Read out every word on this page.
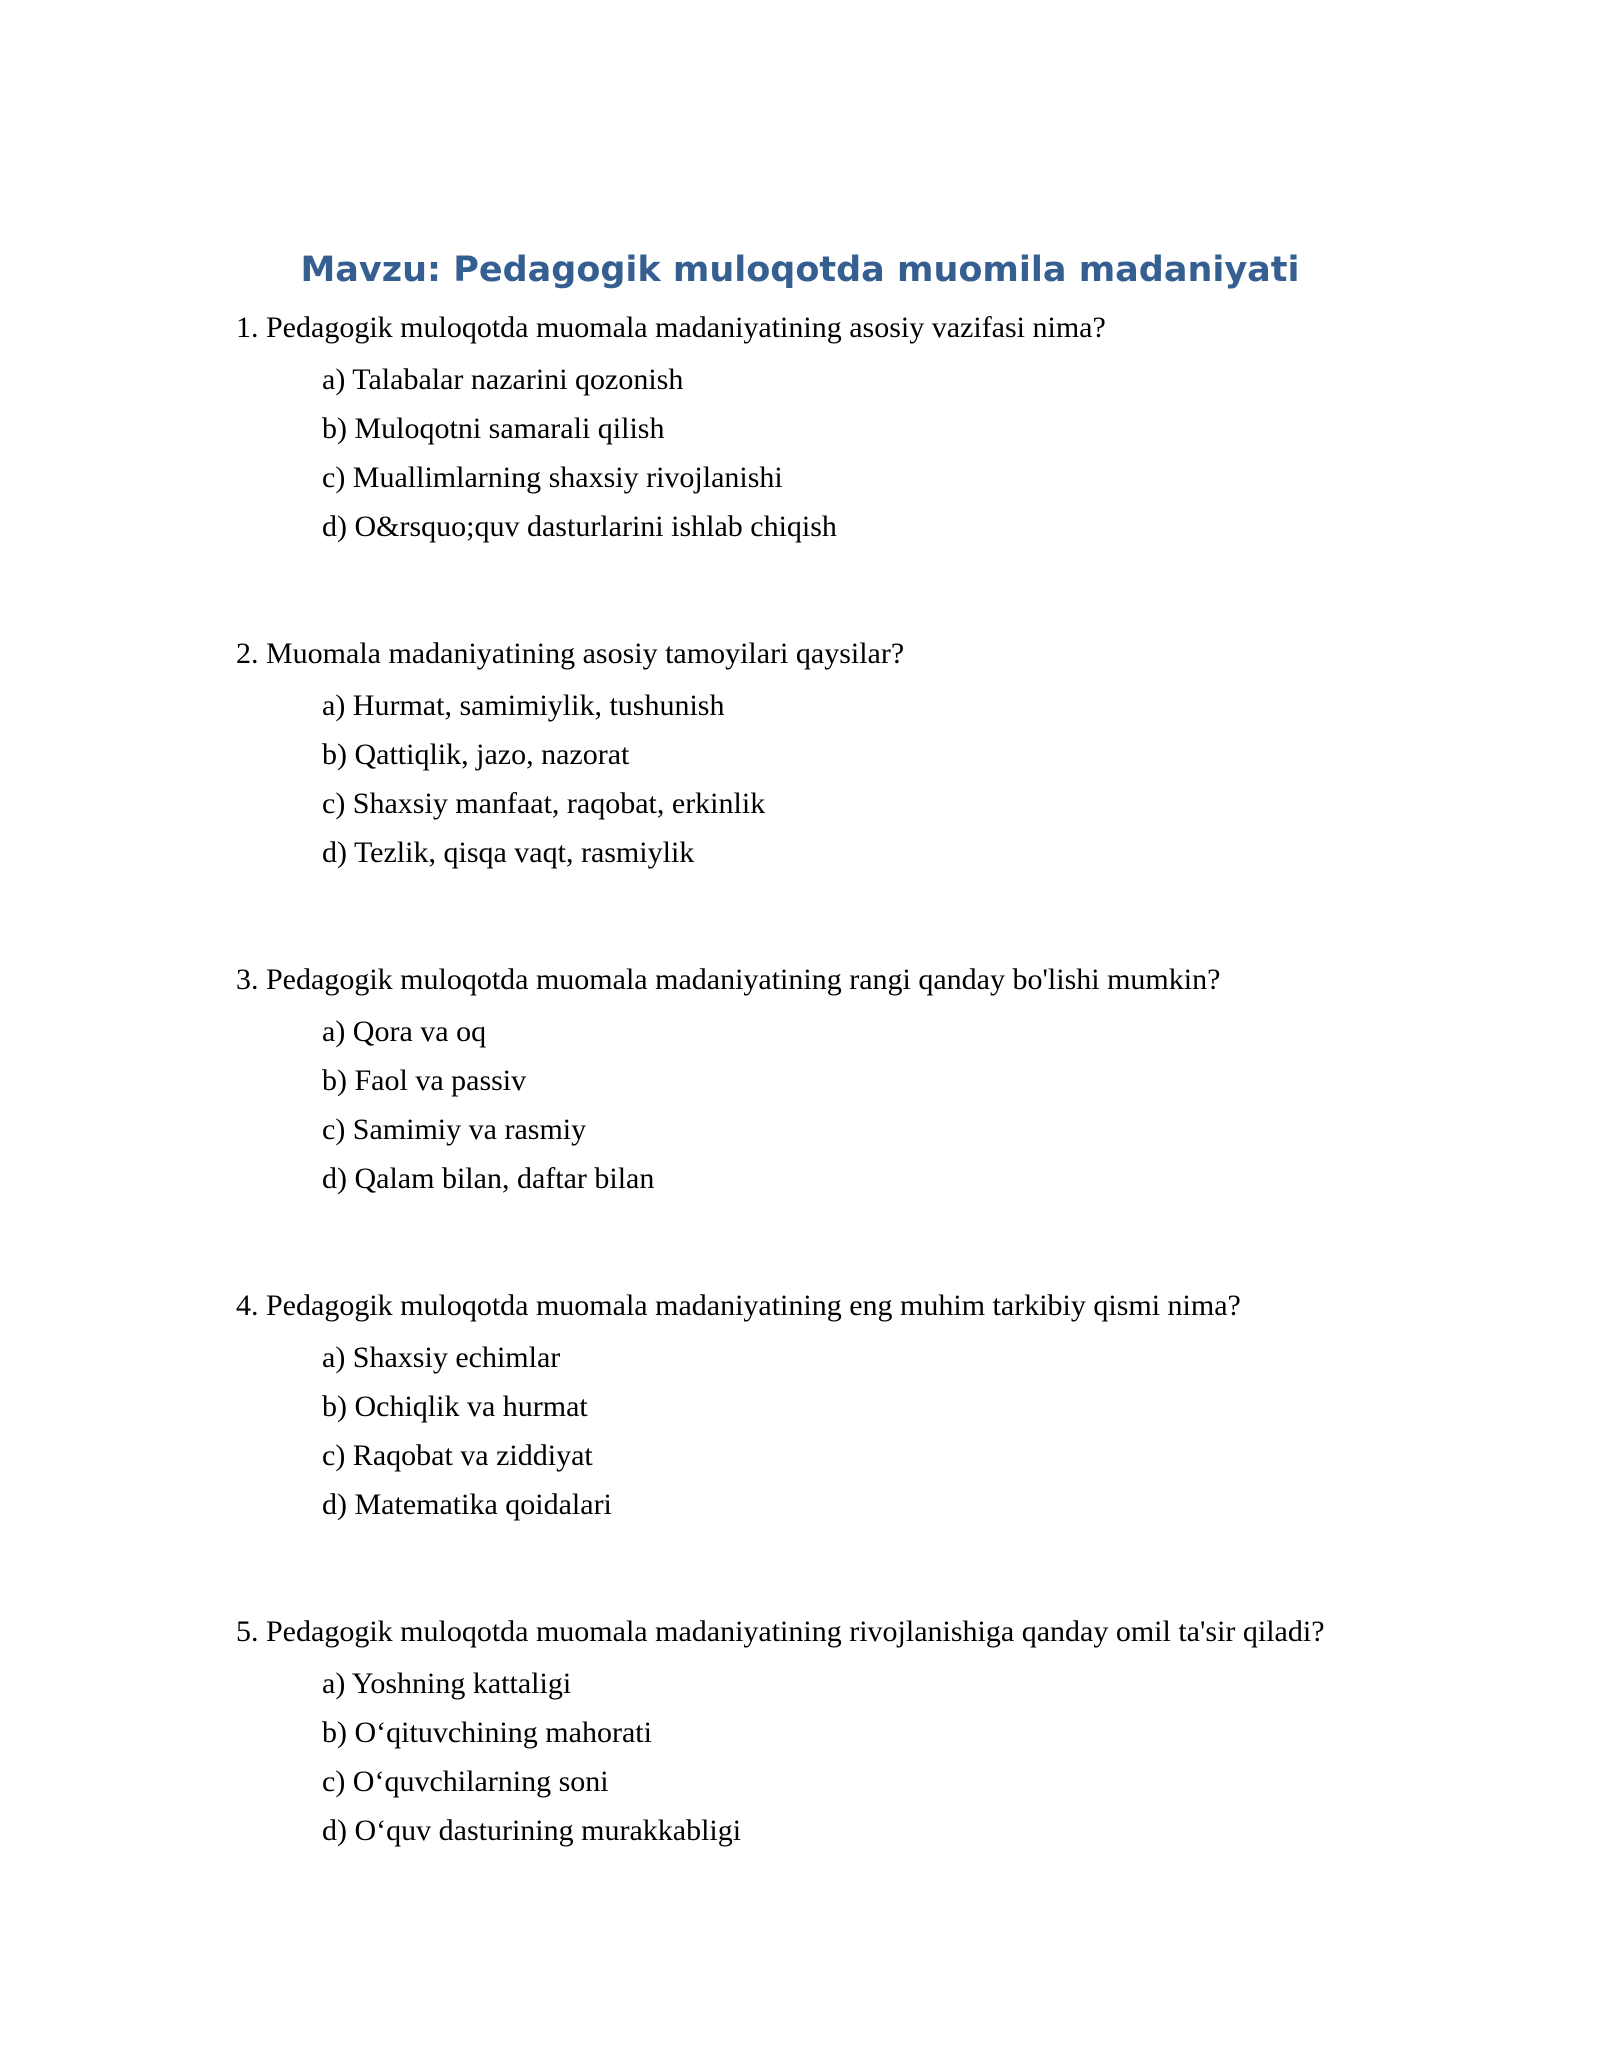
Mavzu: Pedagogik muloqotda muomila madaniyati

1. Pedagogik muloqotda muomala madaniyatining asosiy vazifasi nima?

a) Talabalar nazarini qozonish
b) Muloqotni samarali qilish
c) Muallimlarning shaxsiy rivojlanishi
d) O&rsquo;quv dasturlarini ishlab chiqish

2. Muomala madaniyatining asosiy tamoyilari qaysilar?

a) Hurmat, samimiylik, tushunish
b) Qattiqlik, jazo, nazorat
c) Shaxsiy manfaat, raqobat, erkinlik
d) Tezlik, qisqa vaqt, rasmiylik

3. Pedagogik muloqotda muomala madaniyatining rangi qanday bo'lishi mumkin?

a) Qora va oq
b) Faol va passiv
c) Samimiy va rasmiy
d) Qalam bilan, daftar bilan

4. Pedagogik muloqotda muomala madaniyatining eng muhim tarkibiy qismi nima?

a) Shaxsiy echimlar
b) Ochiqlik va hurmat
c) Raqobat va ziddiyat
d) Matematika qoidalari

5. Pedagogik muloqotda muomala madaniyatining rivojlanishiga qanday omil ta'sir qiladi?

a) Yoshning kattaligi
b) O‘qituvchining mahorati
c) O‘quvchilarning soni
d) O‘quv dasturining murakkabligi
